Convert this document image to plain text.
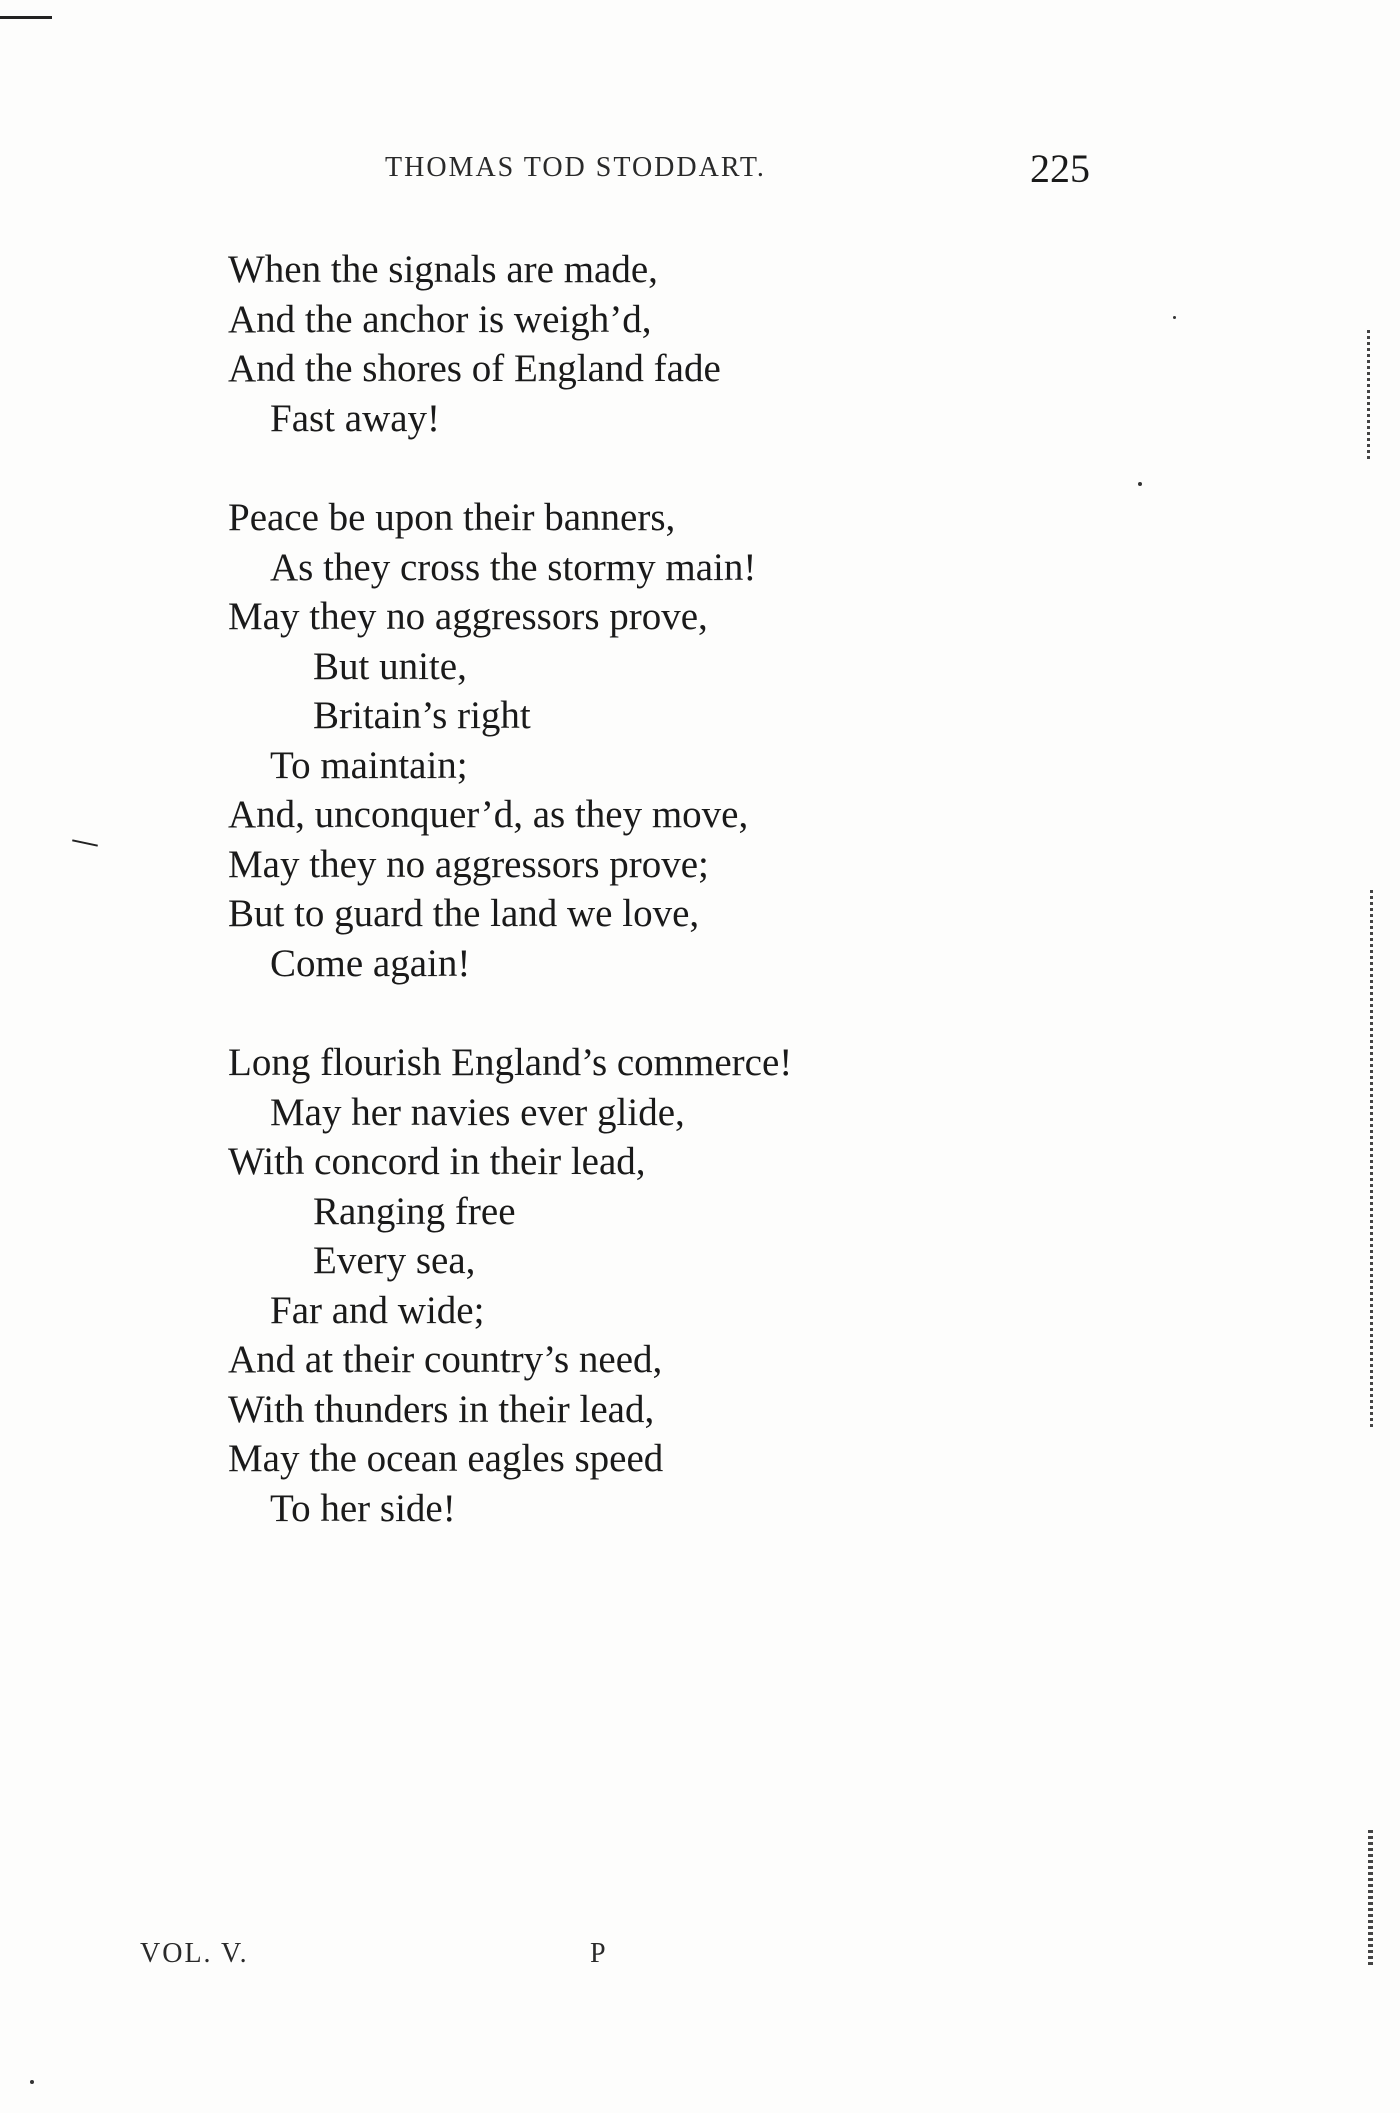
THOMAS TOD STODDART.	225
When the signals are made,
And the anchor is weigh’d,
And the shores of England fade
Fast away!
Peace be upon their banners,
As they cross the stormy main!
May they no aggressors prove,
But unite,
Britain’s right
To maintain;
And, unconquer’d, as they move,
May they no aggressors prove;
But to guard the land we love,
Come again!
Long flourish England’s commerce!
May her navies ever glide,
With concord in their lead,
Ranging free
Every sea,
Far and wide;
And at their country’s need,
With thunders in their lead,
May the ocean eagles speed
To her side!
VOL. V.	P
